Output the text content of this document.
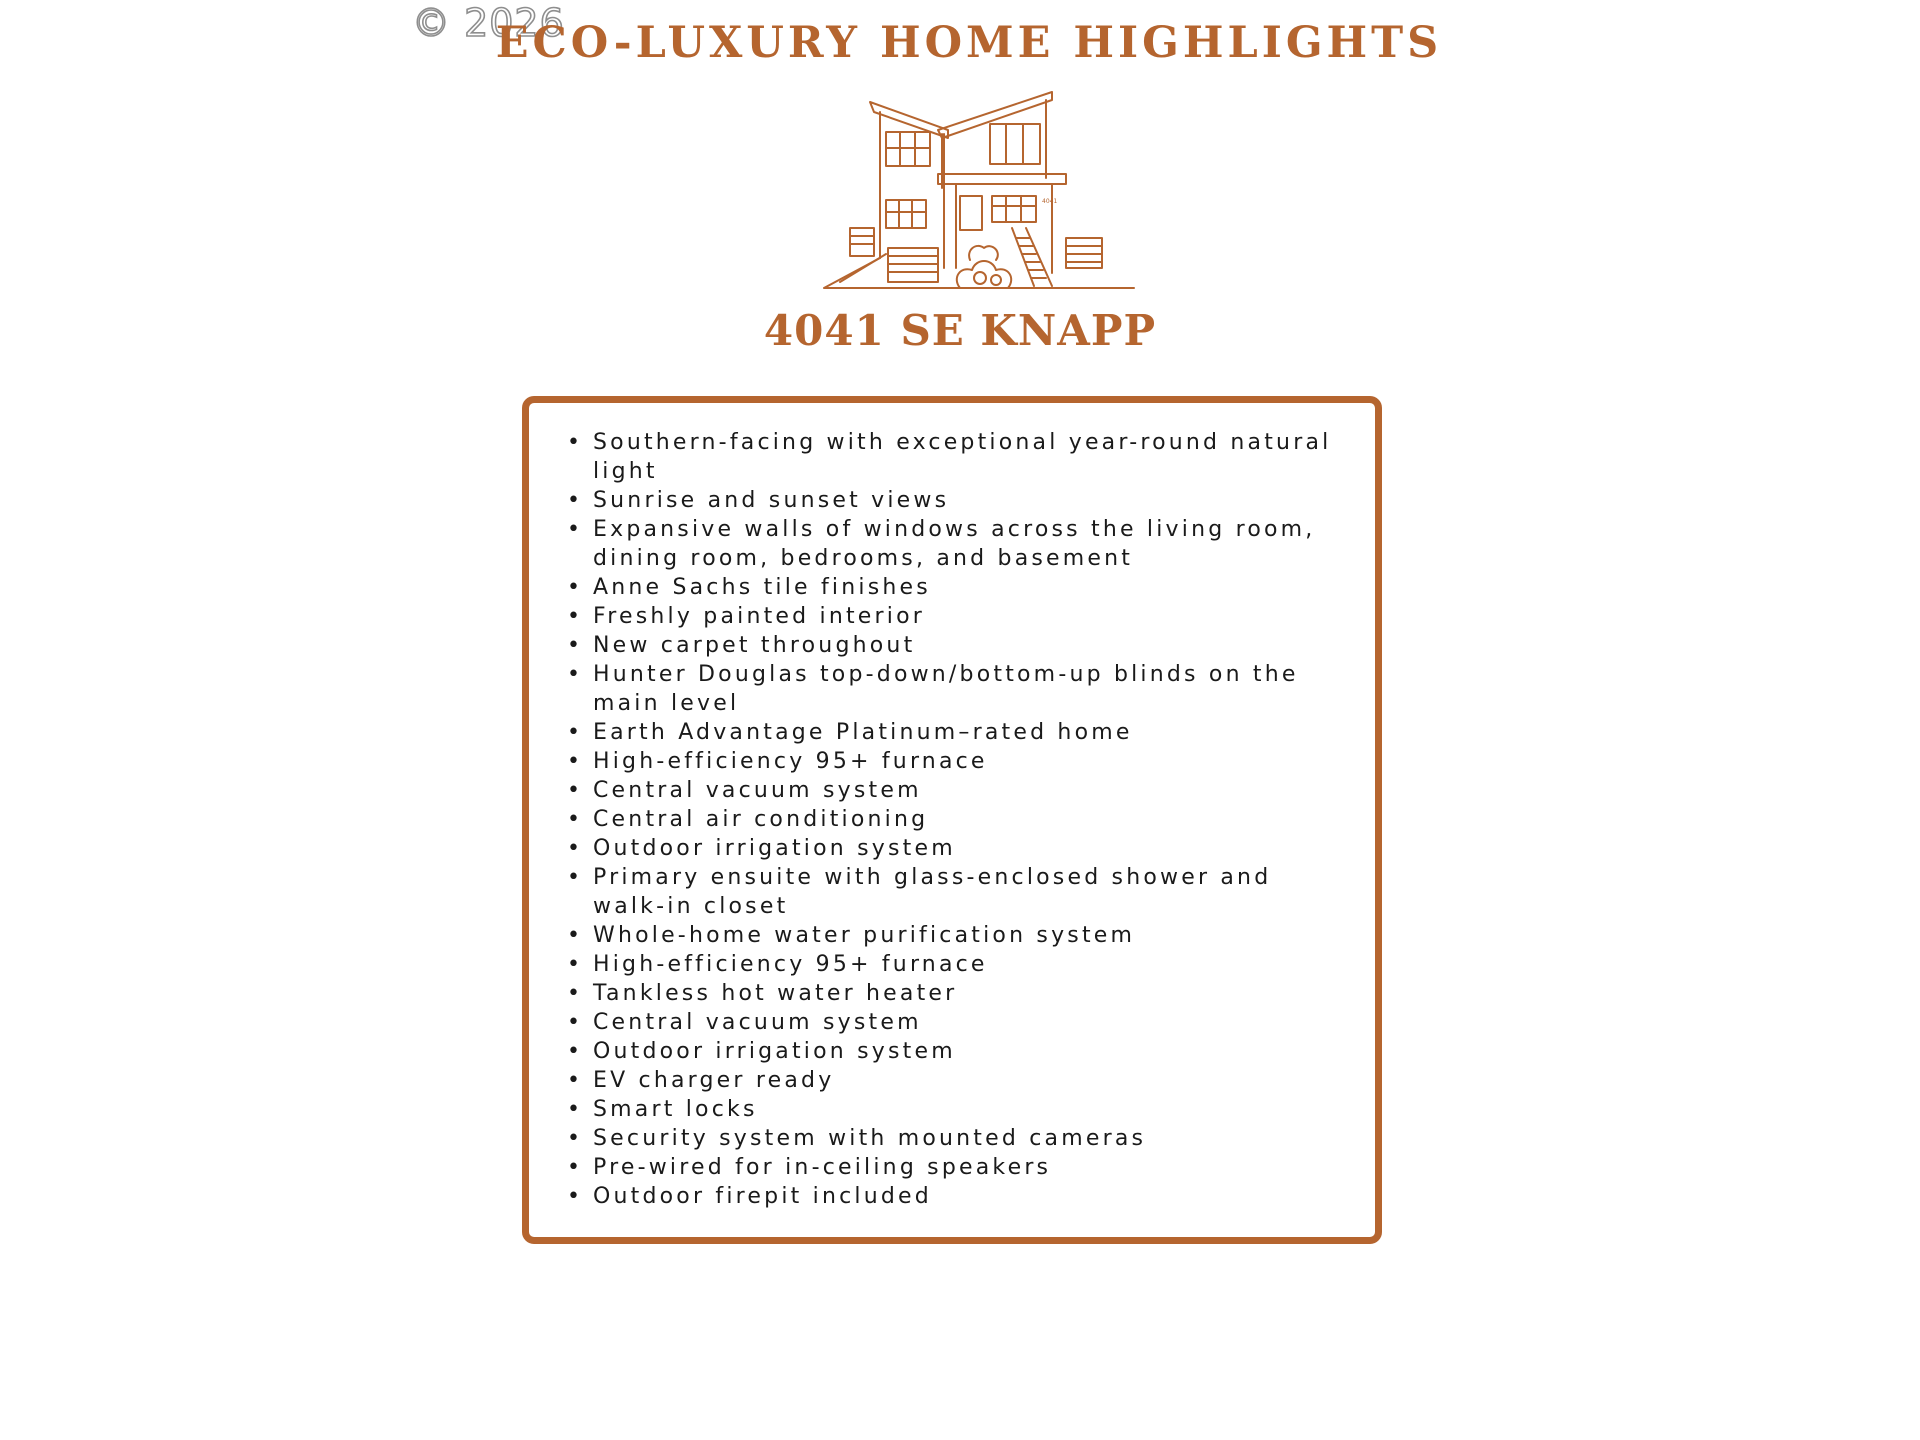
© 2026
ECO-LUXURY HOME HIGHLIGHTS
4041
4041 SE KNAPP
• Southern-facing with exceptional year-round natural light
• Sunrise and sunset views
• Expansive walls of windows across the living room, dining room, bedrooms, and basement
• Anne Sachs tile finishes
• Freshly painted interior
• New carpet throughout
• Hunter Douglas top-down/bottom-up blinds on the main level
• Earth Advantage Platinum–rated home
• High-efficiency 95+ furnace
• Central vacuum system
• Central air conditioning
• Outdoor irrigation system
• Primary ensuite with glass-enclosed shower and walk-in closet
• Whole-home water purification system
• High-efficiency 95+ furnace
• Tankless hot water heater
• Central vacuum system
• Outdoor irrigation system
• EV charger ready
• Smart locks
• Security system with mounted cameras
• Pre-wired for in-ceiling speakers
• Outdoor firepit included
